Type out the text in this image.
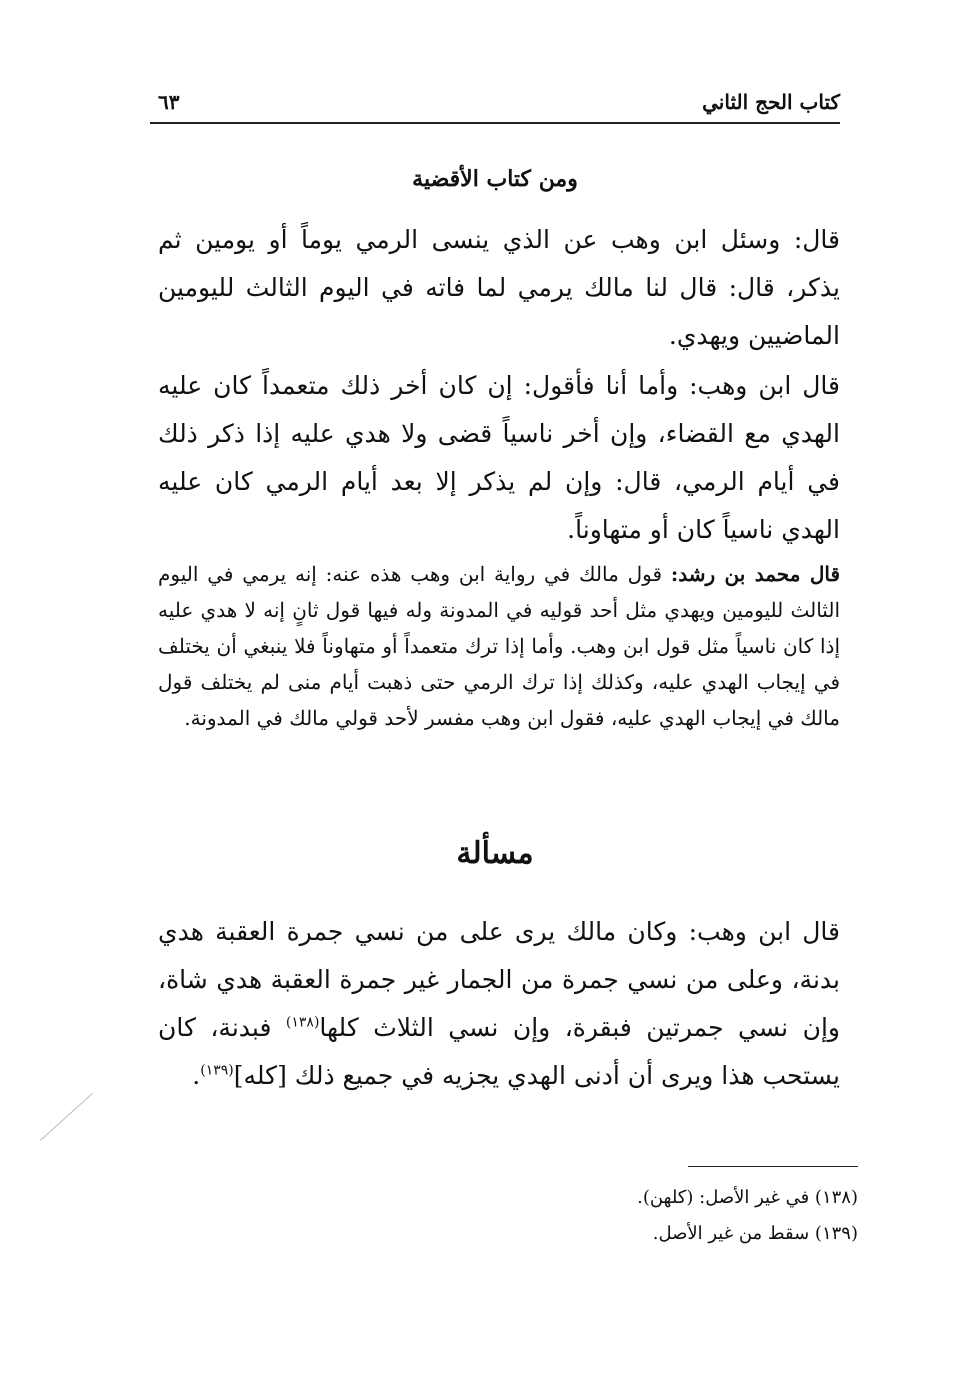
كتاب الحج الثاني
٦٣
ومن كتاب الأقضية

قال: وسئل ابن وهب عن الذي ينسى الرمي يوماً أو يومين ثم يذكر، قال: قال لنا مالك يرمي لما فاته في اليوم الثالث لليومين الماضيين ويهدي.

قال ابن وهب: وأما أنا فأقول: إن كان أخر ذلك متعمداً كان عليه الهدي مع القضاء، وإن أخر ناسياً قضى ولا هدي عليه إذا ذكر ذلك في أيام الرمي، قال: وإن لم يذكر إلا بعد أيام الرمي كان عليه الهدي ناسياً كان أو متهاوناً.

قال محمد بن رشد: قول مالك في رواية ابن وهب هذه عنه: إنه يرمي في اليوم الثالث لليومين ويهدي مثل أحد قوليه في المدونة وله فيها قول ثانٍ إنه لا هدي عليه إذا كان ناسياً مثل قول ابن وهب. وأما إذا ترك متعمداً أو متهاوناً فلا ينبغي أن يختلف في إيجاب الهدي عليه، وكذلك إذا ترك الرمي حتى ذهبت أيام منى لم يختلف قول مالك في إيجاب الهدي عليه، فقول ابن وهب مفسر لأحد قولي مالك في المدونة.

مسألة

قال ابن وهب: وكان مالك يرى على من نسي جمرة العقبة هدي بدنة، وعلى من نسي جمرة من الجمار غير جمرة العقبة هدي شاة، وإن نسي جمرتين فبقرة، وإن نسي الثلاث كلها$^{(١٣٨)}$ فبدنة، كان يستحب هذا ويرى أن أدنى الهدي يجزيه في جميع ذلك [كله]$^{(١٣٩)}$.

(١٣٨) في غير الأصل: (كلهن).
(١٣٩) سقط من غير الأصل.
